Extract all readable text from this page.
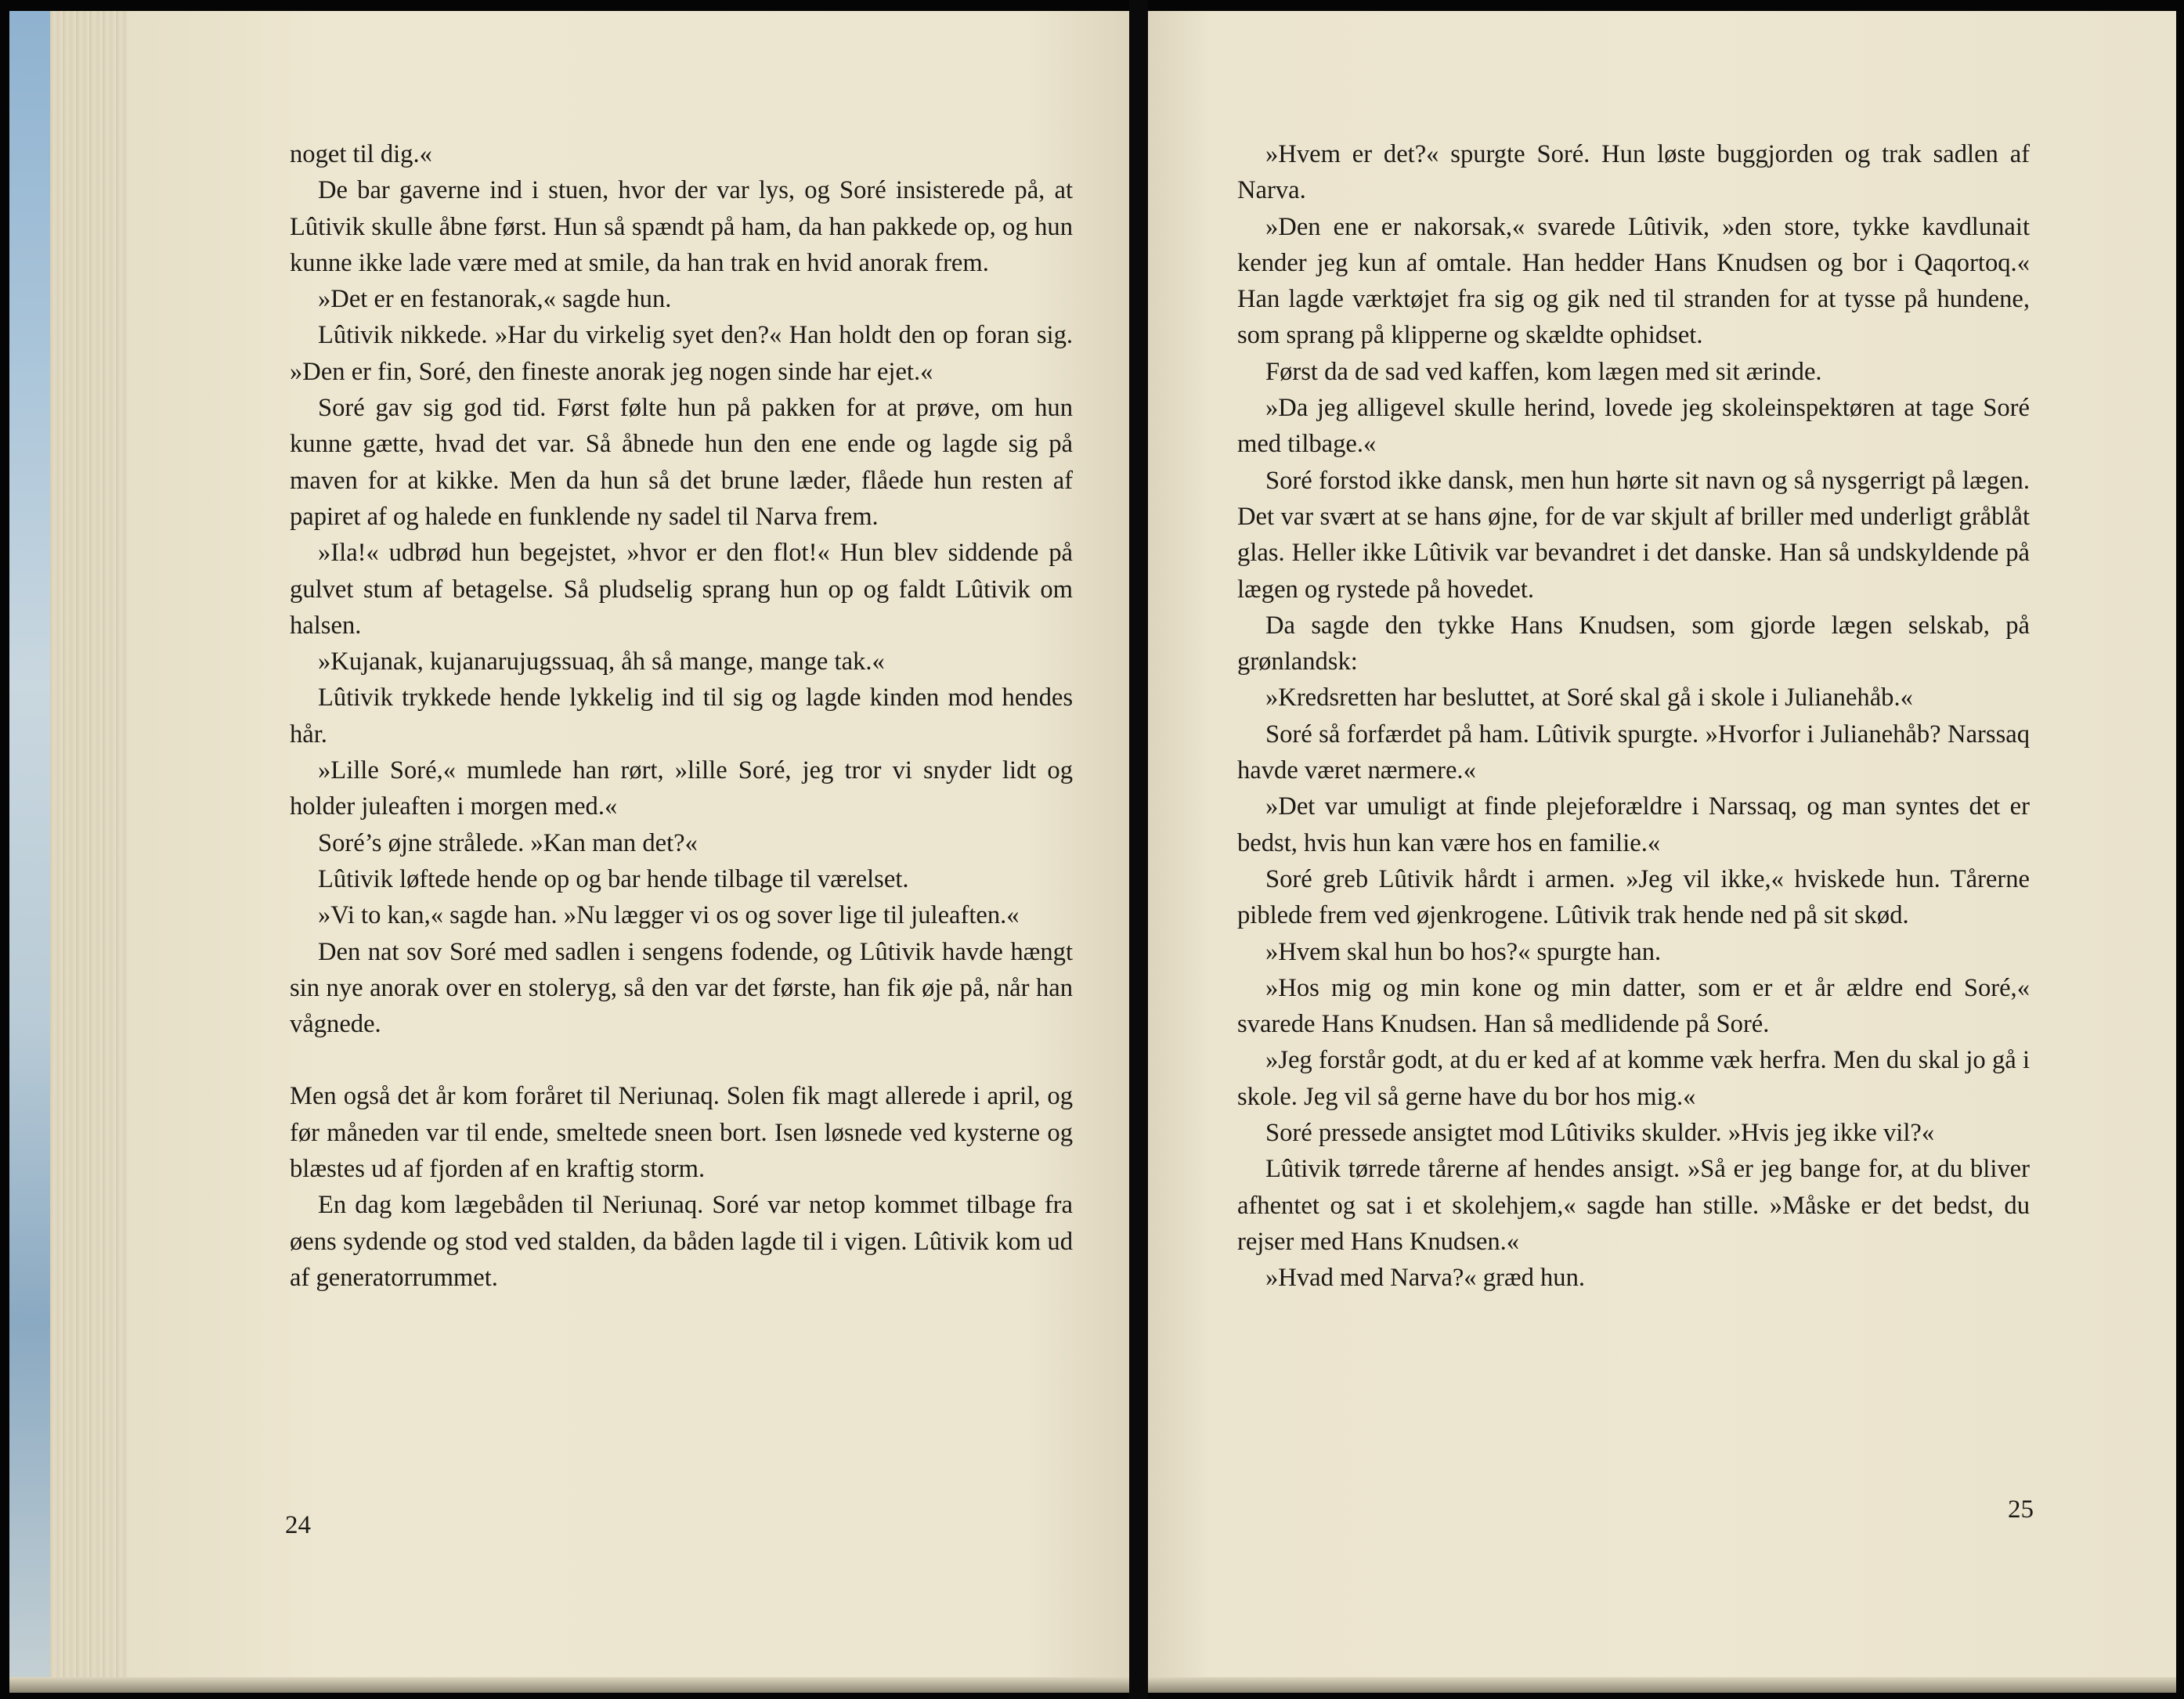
noget til dig.«

De bar gaverne ind i stuen, hvor der var lys, og Soré insisterede på, at Lûtivik skulle åbne først. Hun så spændt på ham, da han pakkede op, og hun kunne ikke lade være med at smile, da han trak en hvid anorak frem.

»Det er en festanorak,« sagde hun.

Lûtivik nikkede. »Har du virkelig syet den?« Han holdt den op foran sig. »Den er fin, Soré, den fineste anorak jeg nogen sinde har ejet.«

Soré gav sig god tid. Først følte hun på pakken for at prøve, om hun kunne gætte, hvad det var. Så åbnede hun den ene ende og lagde sig på maven for at kikke. Men da hun så det brune læder, flåede hun resten af papiret af og halede en funklende ny sadel til Narva frem.

»Ila!« udbrød hun begejstet, »hvor er den flot!« Hun blev siddende på gulvet stum af betagelse. Så pludselig sprang hun op og faldt Lûtivik om halsen.

»Kujanak, kujanarujugssuaq, åh så mange, mange tak.«

Lûtivik trykkede hende lykkelig ind til sig og lagde kinden mod hendes hår.

»Lille Soré,« mumlede han rørt, »lille Soré, jeg tror vi snyder lidt og holder juleaften i morgen med.«

Soré’s øjne strålede. »Kan man det?«

Lûtivik løftede hende op og bar hende tilbage til værelset.

»Vi to kan,« sagde han. »Nu lægger vi os og sover lige til juleaften.«

Den nat sov Soré med sadlen i sengens fodende, og Lûtivik havde hængt sin nye anorak over en stoleryg, så den var det første, han fik øje på, når han vågnede.

Men også det år kom foråret til Neriunaq. Solen fik magt allerede i april, og før måneden var til ende, smeltede sneen bort. Isen løsnede ved kysterne og blæstes ud af fjorden af en kraftig storm.

En dag kom lægebåden til Neriunaq. Soré var netop kommet tilbage fra øens sydende og stod ved stalden, da båden lagde til i vigen. Lûtivik kom ud af generatorrummet.

24

»Hvem er det?« spurgte Soré. Hun løste buggjorden og trak sadlen af Narva.

»Den ene er nakorsak,« svarede Lûtivik, »den store, tykke kavdlunait kender jeg kun af omtale. Han hedder Hans Knudsen og bor i Qaqortoq.« Han lagde værktøjet fra sig og gik ned til stranden for at tysse på hundene, som sprang på klipperne og skældte ophidset.

Først da de sad ved kaffen, kom lægen med sit ærinde.

»Da jeg alligevel skulle herind, lovede jeg skoleinspektøren at tage Soré med tilbage.«

Soré forstod ikke dansk, men hun hørte sit navn og så nysgerrigt på lægen. Det var svært at se hans øjne, for de var skjult af briller med underligt gråblåt glas. Heller ikke Lûtivik var bevandret i det danske. Han så undskyldende på lægen og rystede på hovedet.

Da sagde den tykke Hans Knudsen, som gjorde lægen selskab, på grønlandsk:

»Kredsretten har besluttet, at Soré skal gå i skole i Julianehåb.«

Soré så forfærdet på ham. Lûtivik spurgte. »Hvorfor i Julianehåb? Narssaq havde været nærmere.«

»Det var umuligt at finde plejeforældre i Narssaq, og man syntes det er bedst, hvis hun kan være hos en familie.«

Soré greb Lûtivik hårdt i armen. »Jeg vil ikke,« hviskede hun. Tårerne piblede frem ved øjenkrogene. Lûtivik trak hende ned på sit skød.

»Hvem skal hun bo hos?« spurgte han.

»Hos mig og min kone og min datter, som er et år ældre end Soré,« svarede Hans Knudsen. Han så medlidende på Soré.

»Jeg forstår godt, at du er ked af at komme væk herfra. Men du skal jo gå i skole. Jeg vil så gerne have du bor hos mig.«

Soré pressede ansigtet mod Lûtiviks skulder. »Hvis jeg ikke vil?«

Lûtivik tørrede tårerne af hendes ansigt. »Så er jeg bange for, at du bliver afhentet og sat i et skolehjem,« sagde han stille. »Måske er det bedst, du rejser med Hans Knudsen.«

»Hvad med Narva?« græd hun.

25
